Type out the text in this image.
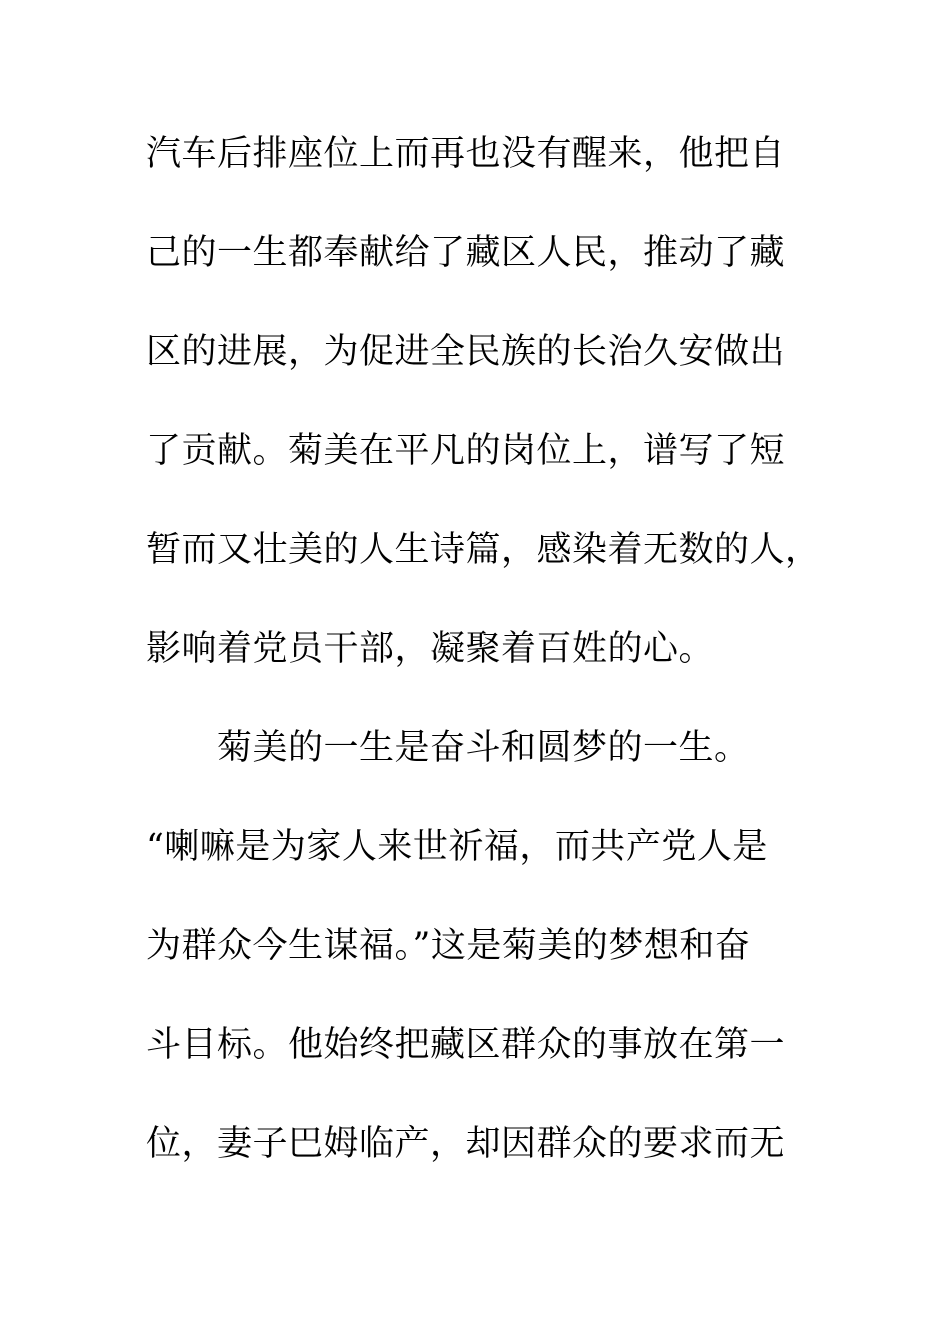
汽车后排座位上而再也没有醒来，他把自
己的一生都奉献给了藏区人民，推动了藏
区的进展，为促进全民族的长治久安做出
了贡献。菊美在平凡的岗位上，谱写了短
暂而又壮美的人生诗篇，感染着无数的人，
影响着党员干部，凝聚着百姓的心。
　　菊美的一生是奋斗和圆梦的一生。
“喇嘛是为家人来世祈福，而共产党人是
为群众今生谋福。”这是菊美的梦想和奋
斗目标。他始终把藏区群众的事放在第一
位，妻子巴姆临产，却因群众的要求而无
